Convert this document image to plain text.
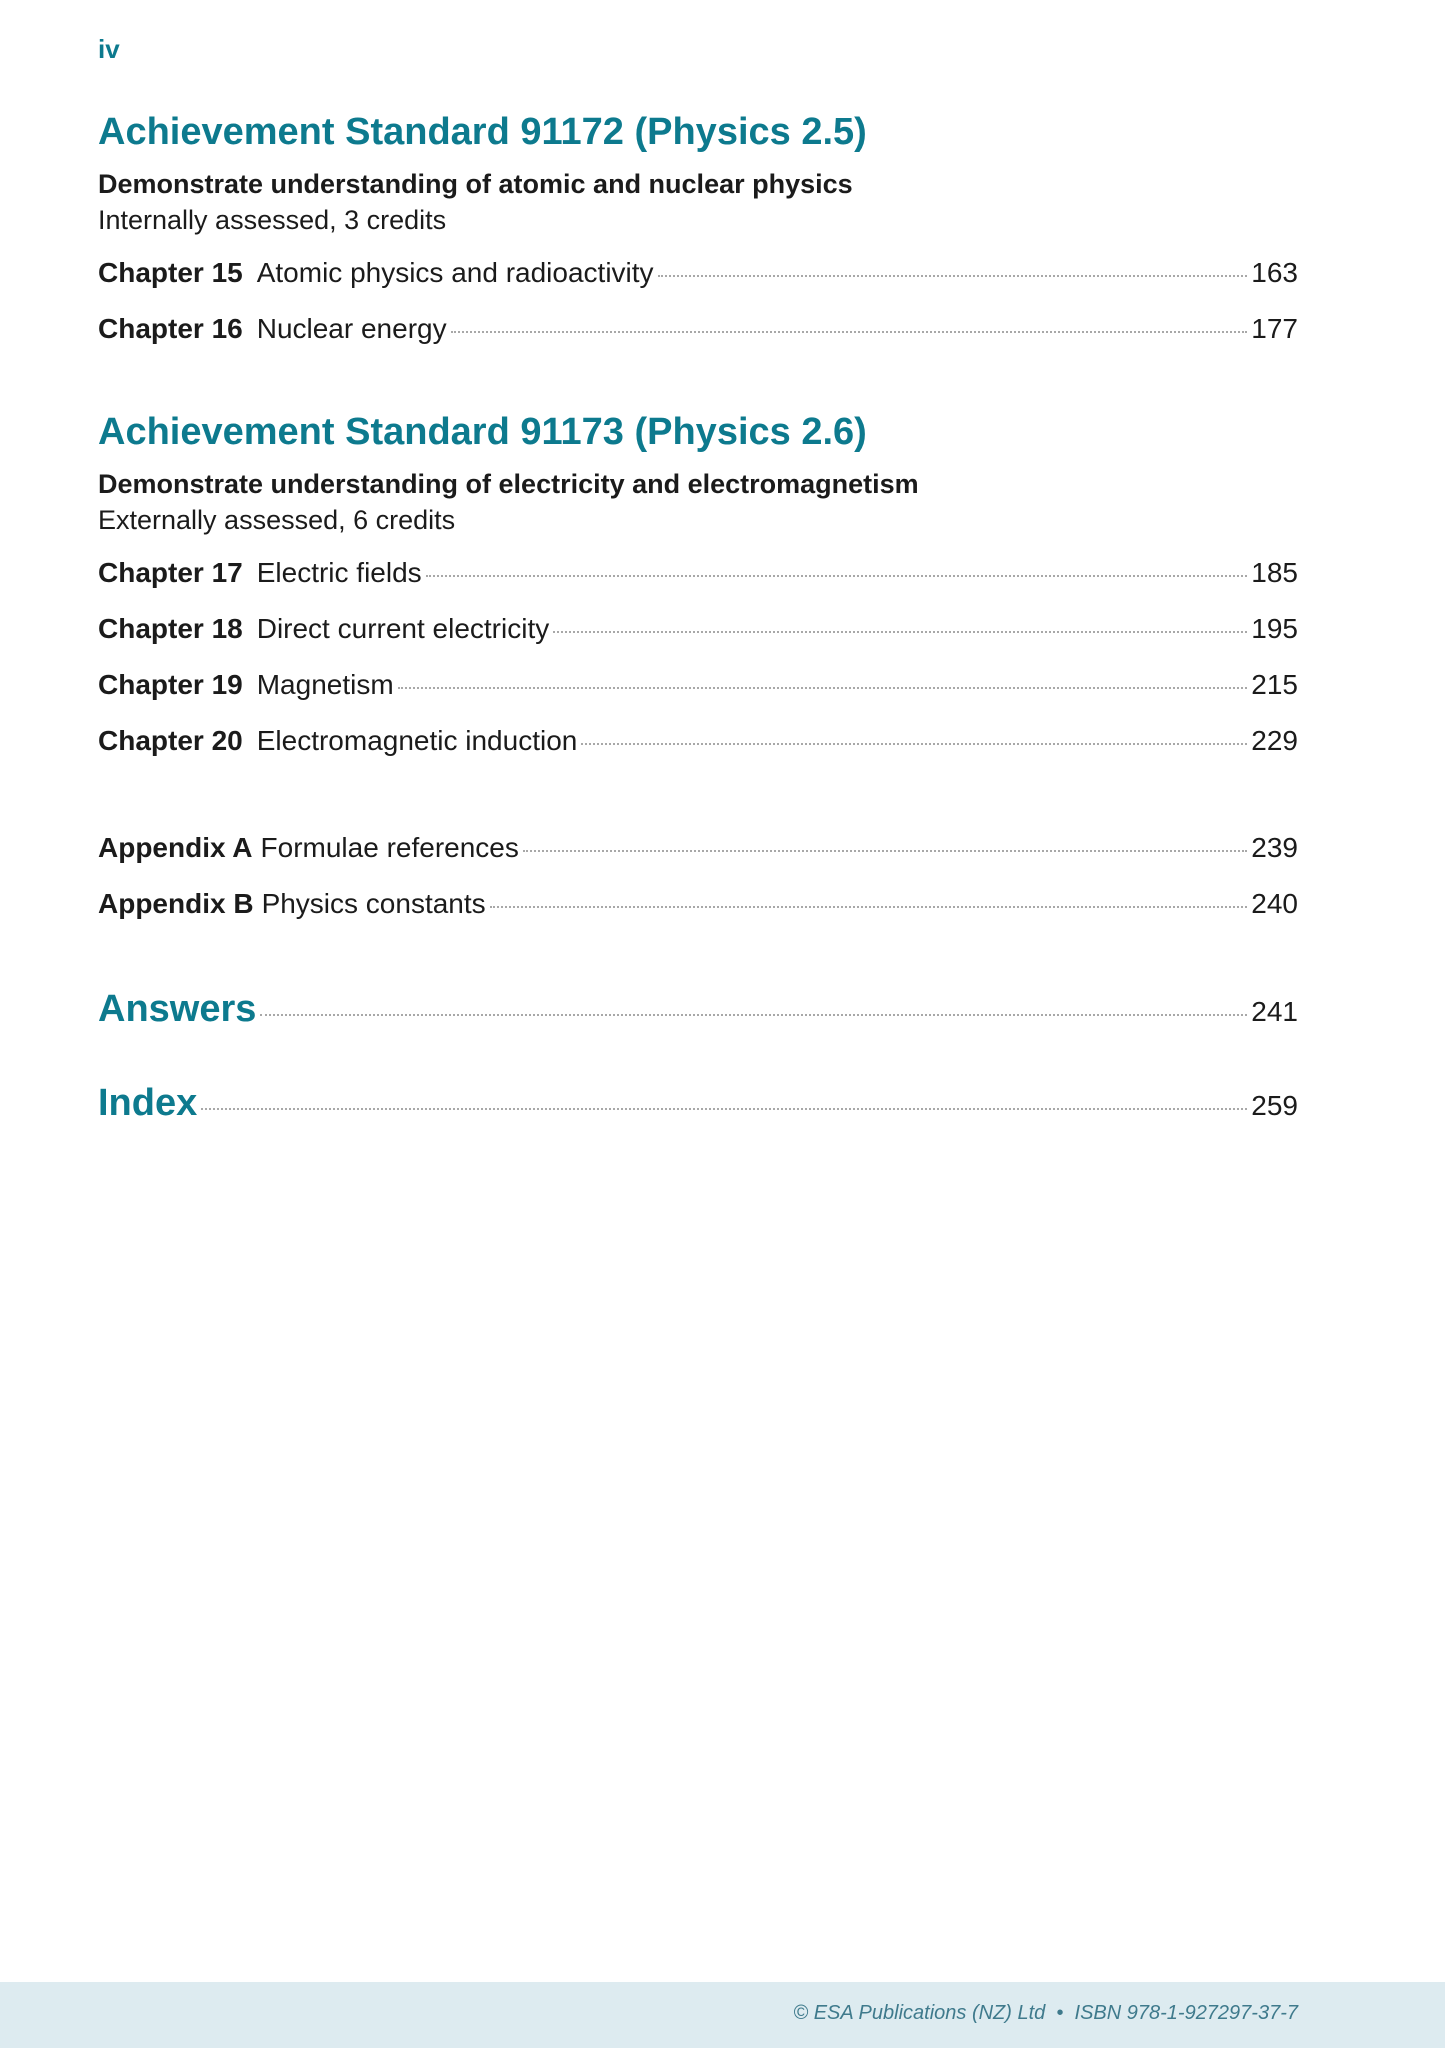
iv
Achievement Standard 91172 (Physics 2.5)
Demonstrate understanding of atomic and nuclear physics
Internally assessed, 3 credits
Chapter 15 Atomic physics and radioactivity	163
Chapter 16 Nuclear energy	177
Achievement Standard 91173 (Physics 2.6)
Demonstrate understanding of electricity and electromagnetism
Externally assessed, 6 credits
Chapter 17 Electric fields	185
Chapter 18 Direct current electricity	195
Chapter 19 Magnetism	215
Chapter 20 Electromagnetic induction	229
Appendix A Formulae references	239
Appendix B Physics constants	240
Answers	241
Index	259
© ESA Publications (NZ) Ltd  •  ISBN 978-1-927297-37-7
